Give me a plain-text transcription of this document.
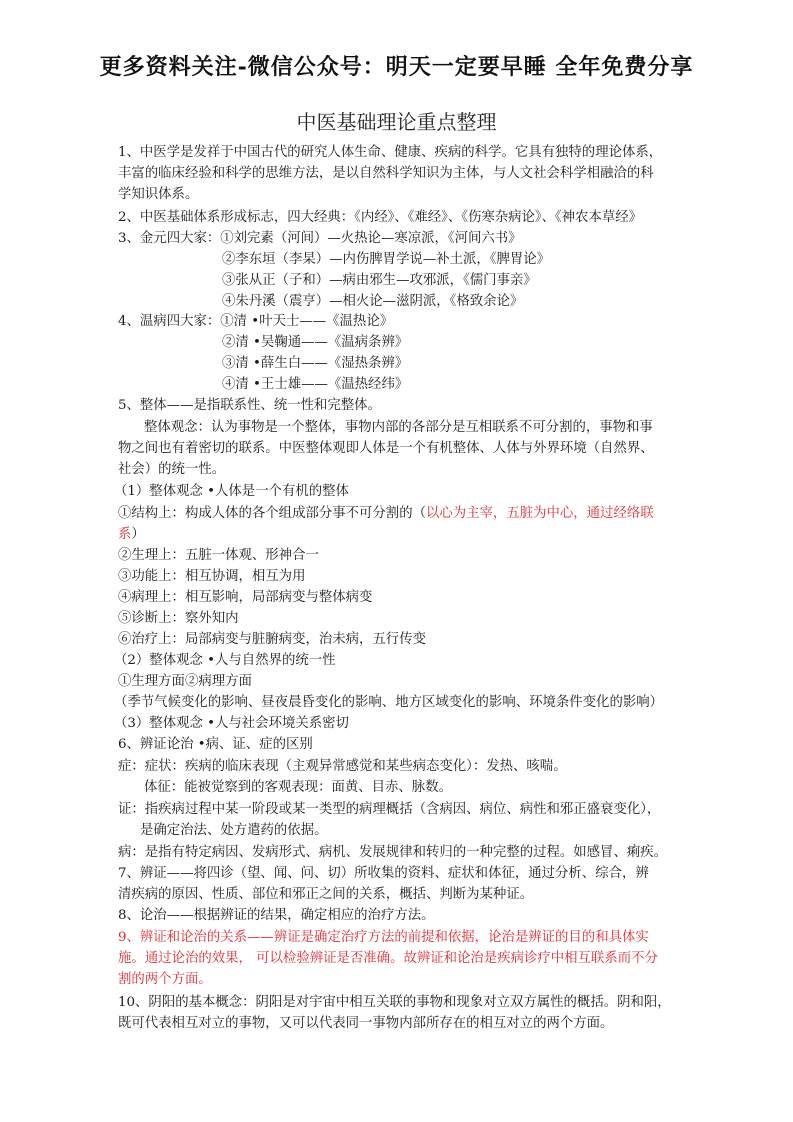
更多资料关注-微信公众号：明天一定要早睡 全年免费分享
中医基础理论重点整理
1、中医学是发祥于中国古代的研究人体生命、健康、疾病的科学。它具有独特的理论体系，
丰富的临床经验和科学的思维方法，是以自然科学知识为主体，与人文社会科学相融洽的科
学知识体系。
2、中医基础体系形成标志，四大经典：《内经》、《难经》、《伤寒杂病论》、《神农本草经》
3、金元四大家：①刘完素（河间）—火热论—寒凉派，《河间六书》
②李东垣（李杲）—内伤脾胃学说—补土派，《脾胃论》
③张从正（子和）—病由邪生—攻邪派，《儒门事亲》
④朱丹溪（震亨）—相火论—滋阴派，《格致余论》
4、温病四大家：①清 •叶天士——《温热论》
②清 •吴鞠通——《温病条辨》
③清 •薛生白——《湿热条辨》
④清 •王士雄——《温热经纬》
5、整体——是指联系性、统一性和完整体。
整体观念：认为事物是一个整体，事物内部的各部分是互相联系不可分割的，事物和事
物之间也有着密切的联系。中医整体观即人体是一个有机整体、人体与外界环境（自然界、
社会）的统一性。
（1）整体观念 •人体是一个有机的整体
①结构上：构成人体的各个组成部分事不可分割的（以心为主宰，五脏为中心，通过经络联
系）
②生理上：五脏一体观、形神合一
③功能上：相互协调，相互为用
④病理上：相互影响，局部病变与整体病变
⑤诊断上：察外知内
⑥治疗上：局部病变与脏腑病变，治未病，五行传变
（2）整体观念 •人与自然界的统一性
①生理方面②病理方面
（季节气候变化的影响、昼夜晨昏变化的影响、地方区域变化的影响、环境条件变化的影响）
（3）整体观念 •人与社会环境关系密切
6、辨证论治 •病、证、症的区别
症：症状：疾病的临床表现（主观异常感觉和某些病态变化）：发热、咳喘。
体征：能被觉察到的客观表现：面黄、目赤、脉数。
证：指疾病过程中某一阶段或某一类型的病理概括（含病因、病位、病性和邪正盛衰变化），
是确定治法、处方遣药的依据。
病：是指有特定病因、发病形式、病机、发展规律和转归的一种完整的过程。如感冒、痢疾。
7、辨证——将四诊（望、闻、问、切）所收集的资料、症状和体征，通过分析、综合，辨
清疾病的原因、性质、部位和邪正之间的关系，概括、判断为某种证。
8、论治——根据辨证的结果，确定相应的治疗方法。
9、辨证和论治的关系——辨证是确定治疗方法的前提和依据，论治是辨证的目的和具体实
施。通过论治的效果， 可以检验辨证是否准确。故辨证和论治是疾病诊疗中相互联系而不分
割的两个方面。
10、阴阳的基本概念：阴阳是对宇宙中相互关联的事物和现象对立双方属性的概括。阴和阳，
既可代表相互对立的事物，又可以代表同一事物内部所存在的相互对立的两个方面。
